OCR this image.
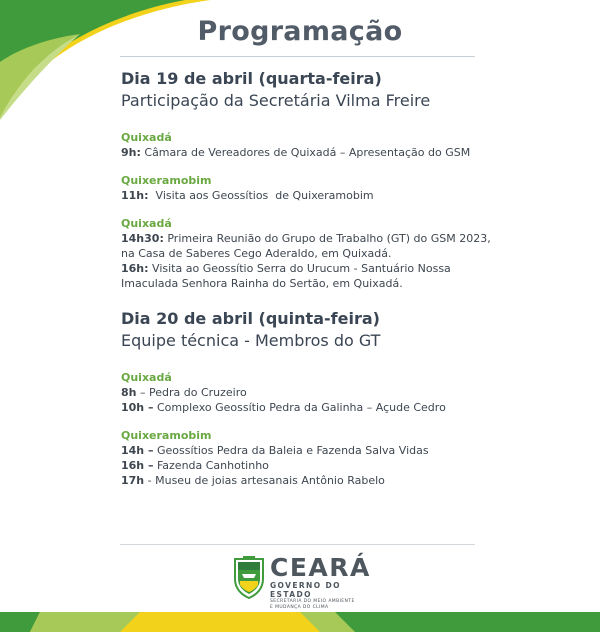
Programação
Dia 19 de abril (quarta-feira)
Participação da Secretária Vilma Freire
Quixadá
9h: Câmara de Vereadores de Quixadá – Apresentação do GSM
Quixeramobim
11h:  Visita aos Geossítios  de Quixeramobim
Quixadá
14h30: Primeira Reunião do Grupo de Trabalho (GT) do GSM 2023,
na Casa de Saberes Cego Aderaldo, em Quixadá.
16h: Visita ao Geossítio Serra do Urucum - Santuário Nossa
Imaculada Senhora Rainha do Sertão, em Quixadá.
Dia 20 de abril (quinta-feira)
Equipe técnica - Membros do GT
Quixadá
8h – Pedra do Cruzeiro
10h – Complexo Geossítio Pedra da Galinha – Açude Cedro
Quixeramobim
14h – Geossítios Pedra da Baleia e Fazenda Salva Vidas
16h – Fazenda Canhotinho
17h - Museu de joias artesanais Antônio Rabelo
CEARÁ
GOVERNO DO ESTADO
SECRETARIA DO MEIO AMBIENTE
E MUDANÇA DO CLIMA
